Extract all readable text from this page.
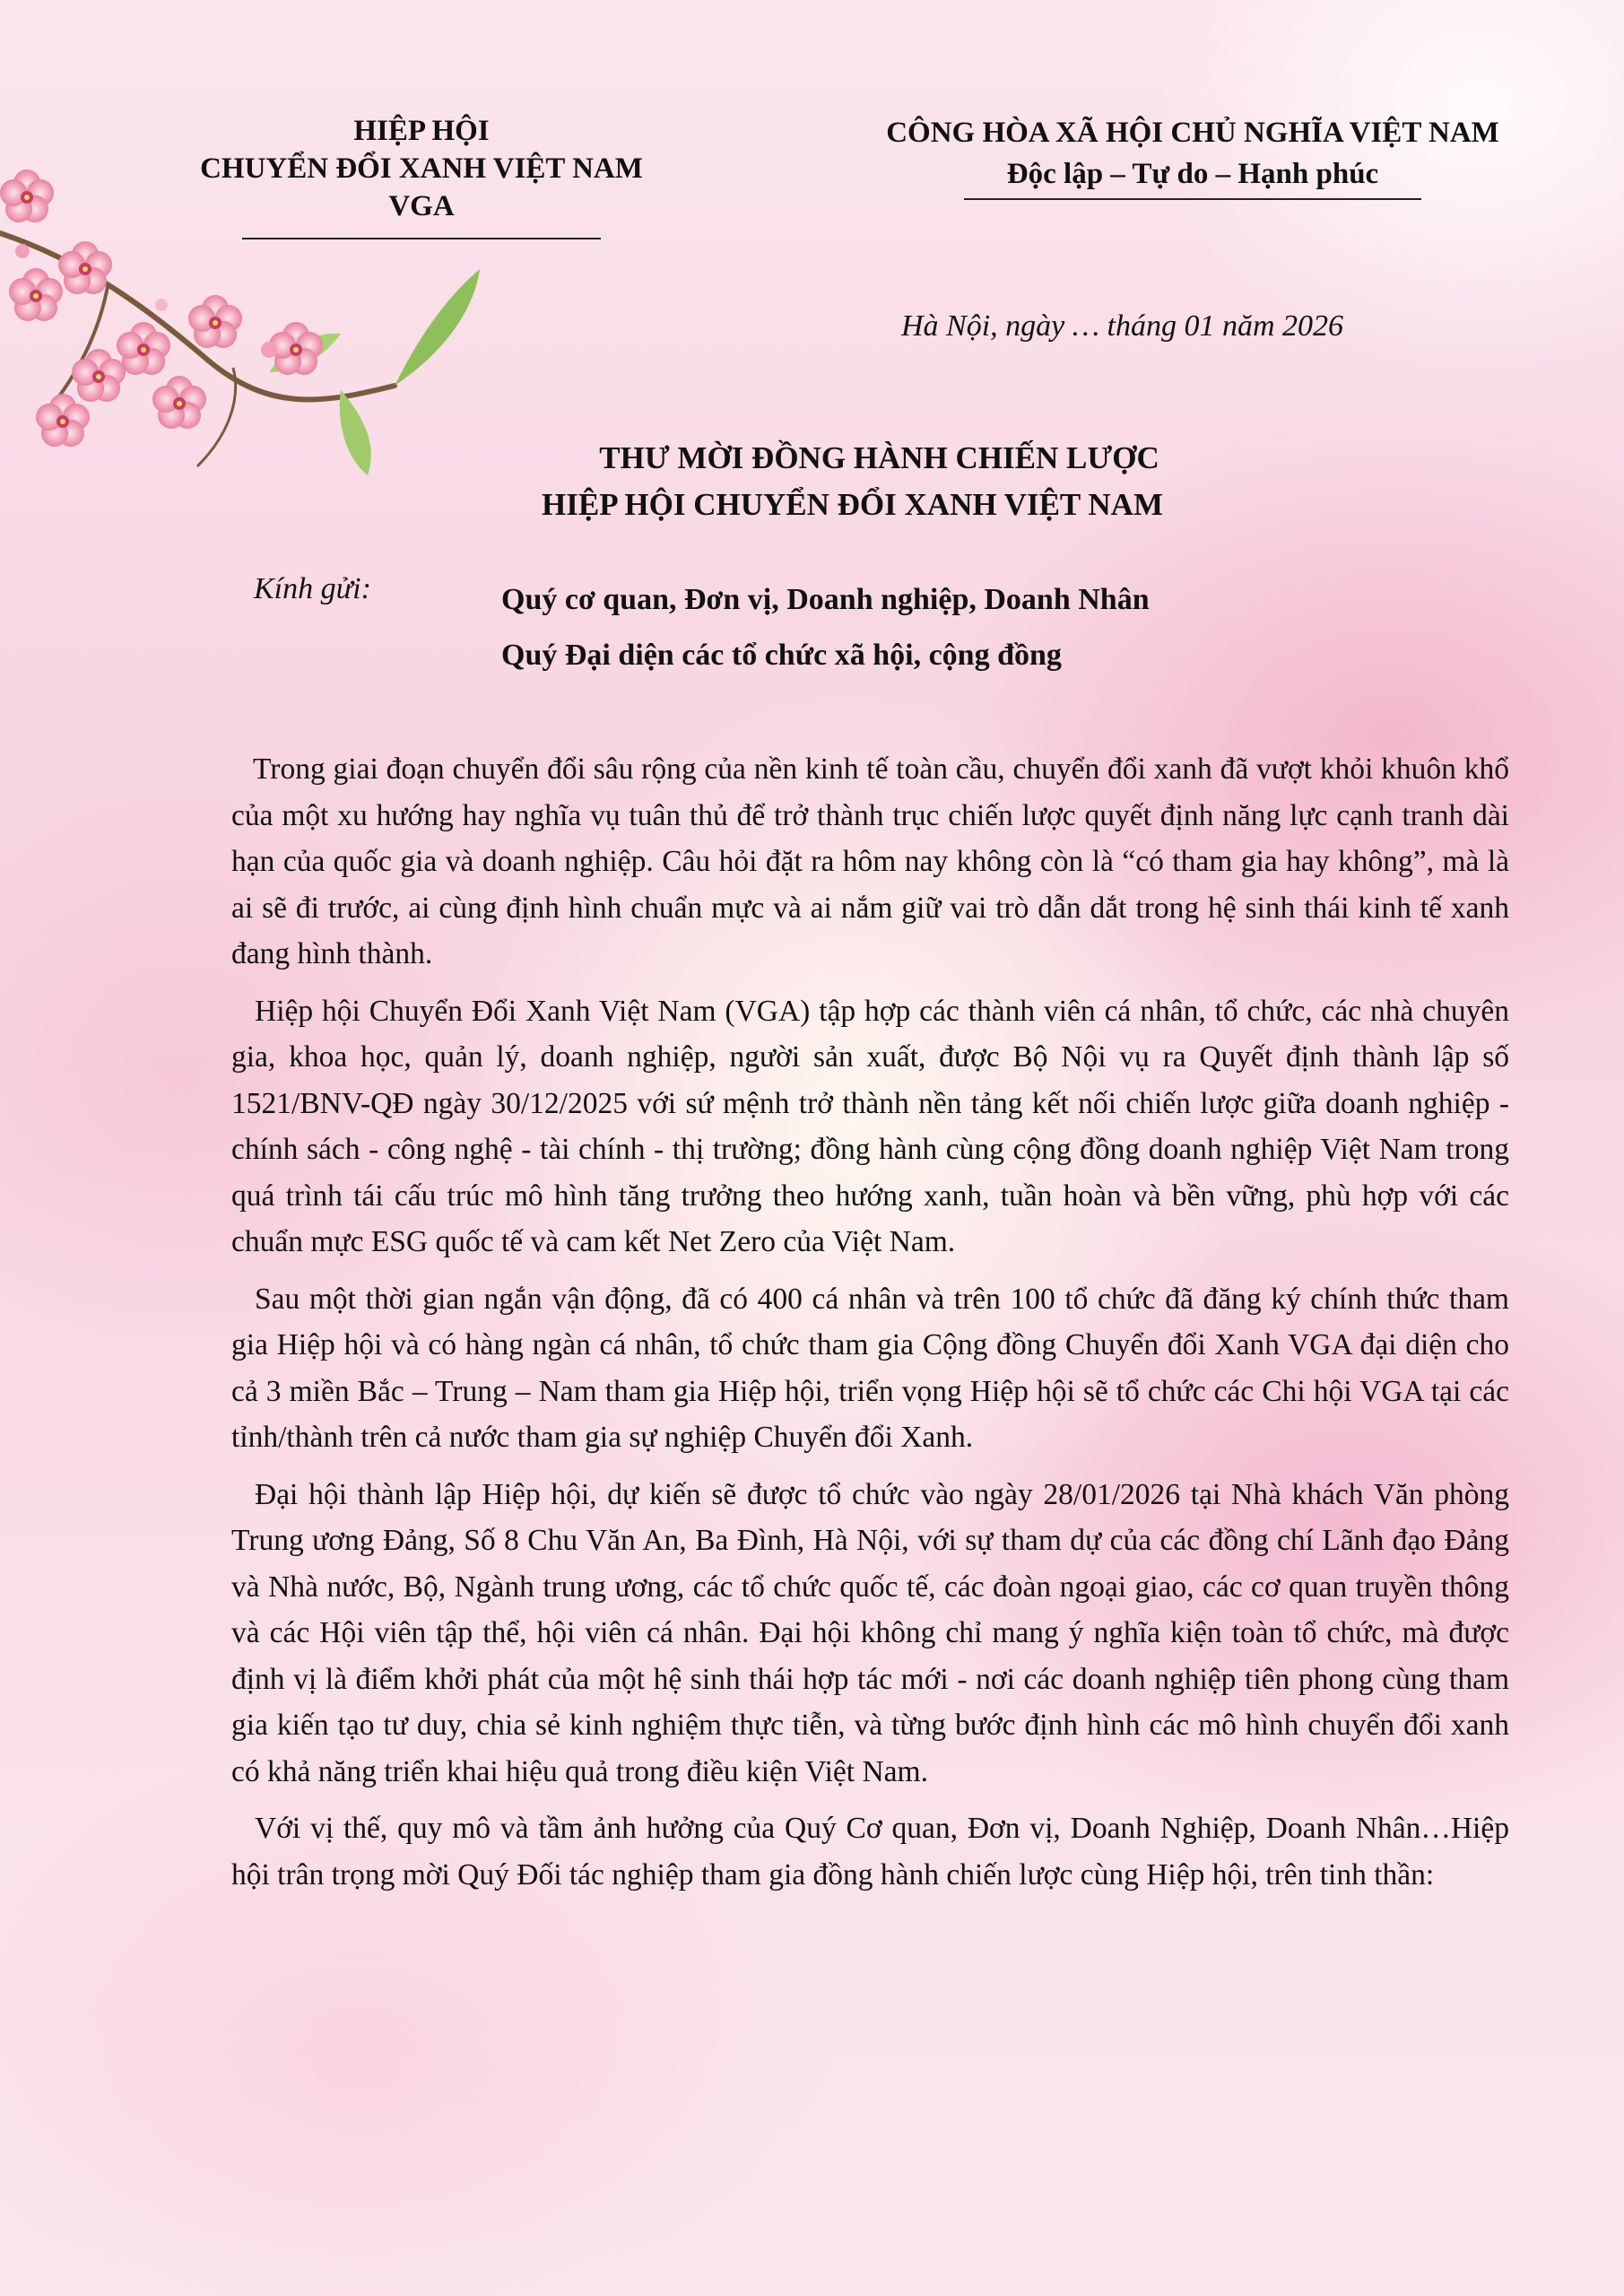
HIỆP HỘI
CHUYỂN ĐỔI XANH VIỆT NAM
VGA
CÔNG HÒA XÃ HỘI CHỦ NGHĨA VIỆT NAM
Độc lập – Tự do – Hạnh phúc
Hà Nội, ngày … tháng 01 năm 2026
THƯ MỜI ĐỒNG HÀNH CHIẾN LƯỢC
HIỆP HỘI CHUYỂN ĐỔI XANH VIỆT NAM
Kính gửi:	Quý cơ quan, Đơn vị, Doanh nghiệp, Doanh Nhân
Quý Đại diện các tổ chức xã hội, cộng đồng

Trong giai đoạn chuyển đổi sâu rộng của nền kinh tế toàn cầu, chuyển đổi xanh đã vượt khỏi khuôn khổ của một xu hướng hay nghĩa vụ tuân thủ để trở thành trục chiến lược quyết định năng lực cạnh tranh dài hạn của quốc gia và doanh nghiệp. Câu hỏi đặt ra hôm nay không còn là “có tham gia hay không”, mà là ai sẽ đi trước, ai cùng định hình chuẩn mực và ai nắm giữ vai trò dẫn dắt trong hệ sinh thái kinh tế xanh đang hình thành.

Hiệp hội Chuyển Đổi Xanh Việt Nam (VGA) tập hợp các thành viên cá nhân, tổ chức, các nhà chuyên gia, khoa học, quản lý, doanh nghiệp, người sản xuất, được Bộ Nội vụ ra Quyết định thành lập số 1521/BNV-QĐ ngày 30/12/2025 với sứ mệnh trở thành nền tảng kết nối chiến lược giữa doanh nghiệp - chính sách - công nghệ - tài chính - thị trường; đồng hành cùng cộng đồng doanh nghiệp Việt Nam trong quá trình tái cấu trúc mô hình tăng trưởng theo hướng xanh, tuần hoàn và bền vững, phù hợp với các chuẩn mực ESG quốc tế và cam kết Net Zero của Việt Nam.

Sau một thời gian ngắn vận động, đã có 400 cá nhân và trên 100 tổ chức đã đăng ký chính thức tham gia Hiệp hội và có hàng ngàn cá nhân, tổ chức tham gia Cộng đồng Chuyển đổi Xanh VGA đại diện cho cả 3 miền Bắc – Trung – Nam tham gia Hiệp hội, triển vọng Hiệp hội sẽ tổ chức các Chi hội VGA tại các tỉnh/thành trên cả nước tham gia sự nghiệp Chuyển đổi Xanh.

Đại hội thành lập Hiệp hội, dự kiến sẽ được tổ chức vào ngày 28/01/2026 tại Nhà khách Văn phòng Trung ương Đảng, Số 8 Chu Văn An, Ba Đình, Hà Nội, với sự tham dự của các đồng chí Lãnh đạo Đảng và Nhà nước, Bộ, Ngành trung ương, các tổ chức quốc tế, các đoàn ngoại giao, các cơ quan truyền thông và các Hội viên tập thể, hội viên cá nhân. Đại hội không chỉ mang ý nghĩa kiện toàn tổ chức, mà được định vị là điểm khởi phát của một hệ sinh thái hợp tác mới - nơi các doanh nghiệp tiên phong cùng tham gia kiến tạo tư duy, chia sẻ kinh nghiệm thực tiễn, và từng bước định hình các mô hình chuyển đổi xanh có khả năng triển khai hiệu quả trong điều kiện Việt Nam.

Với vị thế, quy mô và tầm ảnh hưởng của Quý Cơ quan, Đơn vị, Doanh Nghiệp, Doanh Nhân…Hiệp hội trân trọng mời Quý Đối tác nghiệp tham gia đồng hành chiến lược cùng Hiệp hội, trên tinh thần:
